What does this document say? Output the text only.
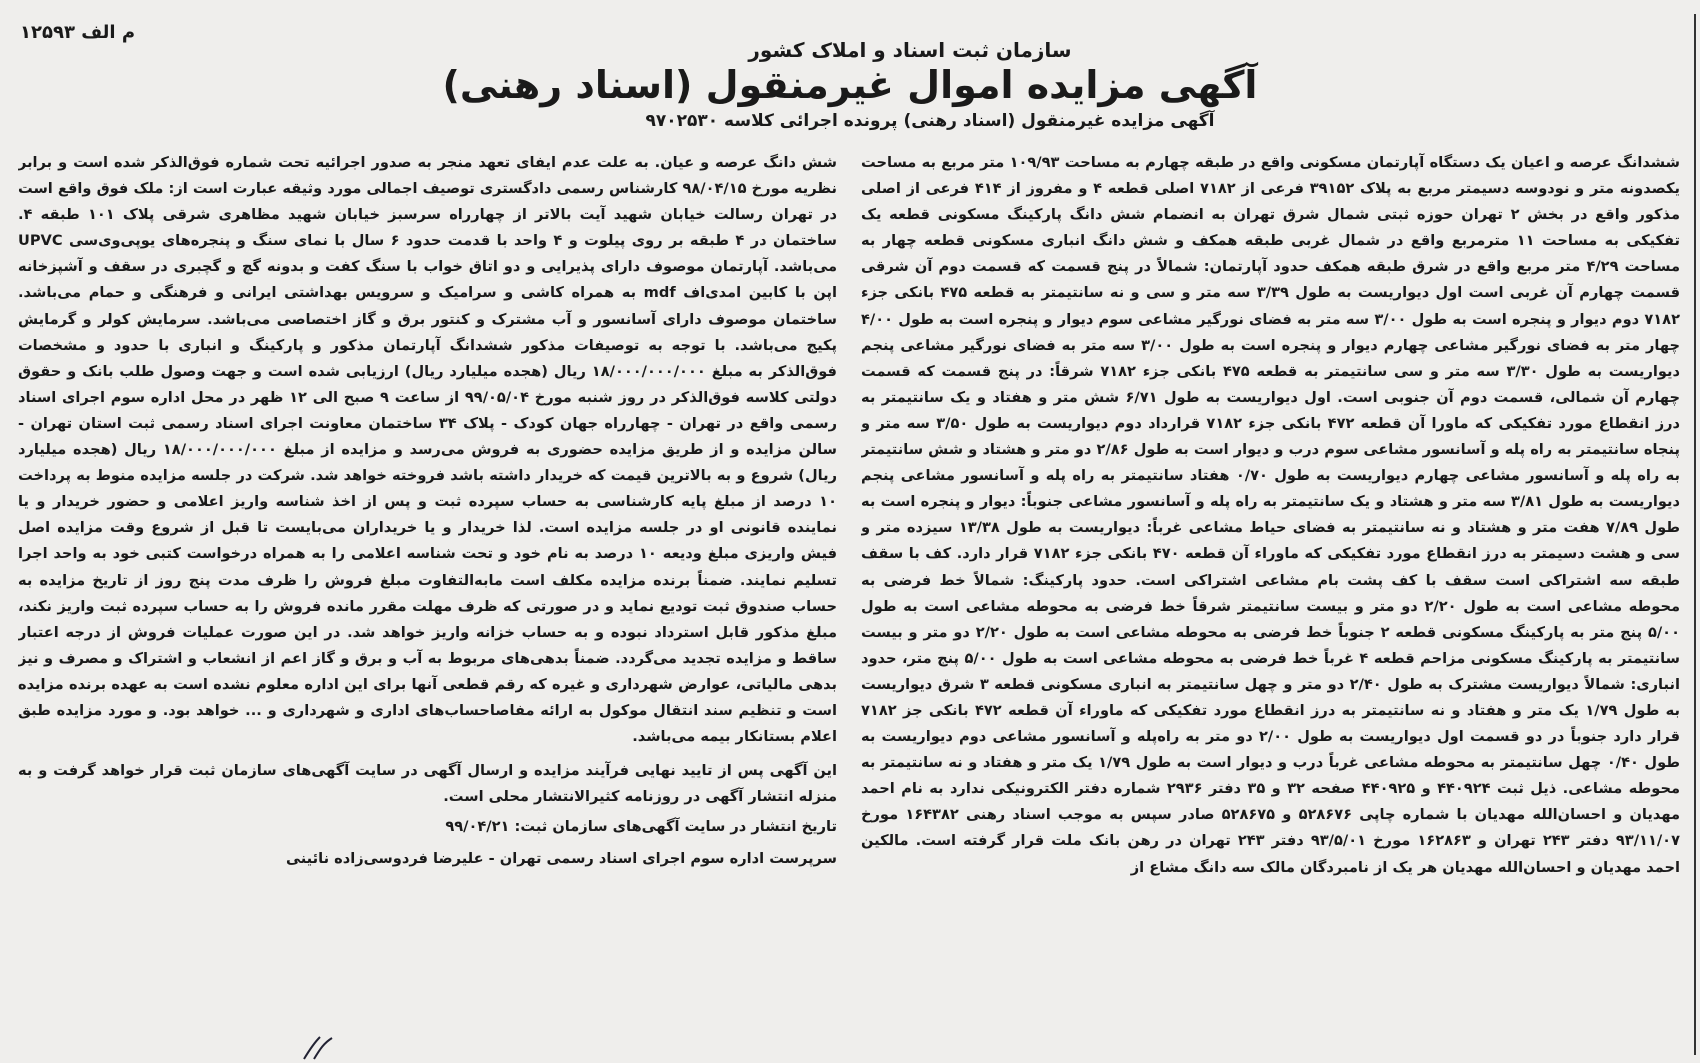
م الف ۱۲۵۹۳
سازمان ثبت اسناد و املاک کشور
آگهی مزایده اموال غیرمنقول (اسناد رهنی)
آگهی مزایده غیرمنقول (اسناد رهنی) پرونده اجرائی کلاسه ۹۷۰۲۵۳۰

ششدانگ عرصه و اعیان یک دستگاه آپارتمان مسکونی واقع در طبقه چهارم به مساحت ۱۰۹/۹۳ متر مربع به مساحت یکصدونه متر و نودوسه دسیمتر مربع به پلاک ۳۹۱۵۲ فرعی از ۷۱۸۲ اصلی قطعه ۴ و مفروز از ۴۱۴ فرعی از اصلی مذکور واقع در بخش ۲ تهران حوزه ثبتی شمال شرق تهران به انضمام شش دانگ پارکینگ مسکونی قطعه یک تفکیکی به مساحت ۱۱ مترمربع واقع در شمال غربی طبقه همکف و شش دانگ انباری مسکونی قطعه چهار به مساحت ۴/۲۹ متر مربع واقع در شرق طبقه همکف حدود آپارتمان: شمالاً در پنج قسمت که قسمت دوم آن شرقی قسمت چهارم آن غربی است اول دیواریست به طول ۳/۳۹ سه متر و سی و نه سانتیمتر به قطعه ۴۷۵ بانکی جزء ۷۱۸۲ دوم دیوار و پنجره است به طول ۳/۰۰ سه متر به فضای نورگیر مشاعی سوم دیوار و پنجره است به طول ۴/۰۰ چهار متر به فضای نورگیر مشاعی چهارم دیوار و پنجره است به طول ۳/۰۰ سه متر به فضای نورگیر مشاعی پنجم دیواریست به طول ۳/۳۰ سه متر و سی سانتیمتر به قطعه ۴۷۵ بانکی جزء ۷۱۸۲ شرقاً: در پنج قسمت که قسمت چهارم آن شمالی، قسمت دوم آن جنوبی است. اول دیواریست به طول ۶/۷۱ شش متر و هفتاد و یک سانتیمتر به درز انقطاع مورد تفکیکی که ماورا آن قطعه ۴۷۲ بانکی جزء ۷۱۸۲ قرارداد دوم دیواریست به طول ۳/۵۰ سه متر و پنجاه سانتیمتر به راه پله و آسانسور مشاعی سوم درب و دیوار است به طول ۲/۸۶ دو متر و هشتاد و شش سانتیمتر به راه پله و آسانسور مشاعی چهارم دیواریست به طول ۰/۷۰ هفتاد سانتیمتر به راه پله و آسانسور مشاعی پنجم دیواریست به طول ۳/۸۱ سه متر و هشتاد و یک سانتیمتر به راه پله و آسانسور مشاعی جنوباً: دیوار و پنجره است به طول ۷/۸۹ هفت متر و هشتاد و نه سانتیمتر به فضای حیاط مشاعی غرباً: دیواریست به طول ۱۳/۳۸ سیزده متر و سی و هشت دسیمتر به درز انقطاع مورد تفکیکی که ماوراء آن قطعه ۴۷۰ بانکی جزء ۷۱۸۲ قرار دارد. کف با سقف طبقه سه اشتراکی است سقف با کف پشت بام مشاعی اشتراکی است. حدود پارکینگ: شمالاً خط فرضی به محوطه مشاعی است به طول ۲/۲۰ دو متر و بیست سانتیمتر شرقاً خط فرضی به محوطه مشاعی است به طول ۵/۰۰ پنج متر به پارکینگ مسکونی قطعه ۲ جنوباً خط فرضی به محوطه مشاعی است به طول ۲/۲۰ دو متر و بیست سانتیمتر به پارکینگ مسکونی مزاحم قطعه ۴ غرباً خط فرضی به محوطه مشاعی است به طول ۵/۰۰ پنج متر، حدود انباری: شمالاً دیواریست مشترک به طول ۲/۴۰ دو متر و چهل سانتیمتر به انباری مسکونی قطعه ۳ شرق دیواریست به طول ۱/۷۹ یک متر و هفتاد و نه سانتیمتر به درز انقطاع مورد تفکیکی که ماوراء آن قطعه ۴۷۲ بانکی جز ۷۱۸۲ قرار دارد جنوباً در دو قسمت اول دیواریست به طول ۲/۰۰ دو متر به راه‌پله و آسانسور مشاعی دوم دیواریست به طول ۰/۴۰ چهل سانتیمتر به محوطه مشاعی غرباً درب و دیوار است به طول ۱/۷۹ یک متر و هفتاد و نه سانتیمتر به محوطه مشاعی. ذیل ثبت ۴۴۰۹۲۴ و ۴۴۰۹۲۵ صفحه ۳۲ و ۳۵ دفتر ۲۹۳۶ شماره دفتر الکترونیکی ندارد به نام احمد مهدیان و احسان‌الله مهدیان با شماره چاپی ۵۲۸۶۷۶ و ۵۲۸۶۷۵ صادر سپس به موجب اسناد رهنی ۱۶۴۳۸۲ مورخ ۹۳/۱۱/۰۷ دفتر ۲۴۳ تهران و ۱۶۲۸۶۳ مورخ ۹۳/۵/۰۱ دفتر ۲۴۳ تهران در رهن بانک ملت قرار گرفته است. مالکین احمد مهدیان و احسان‌الله مهدیان هر یک از نامبردگان مالک سه دانگ مشاع از

شش دانگ عرصه و عیان. به علت عدم ایفای تعهد منجر به صدور اجرائیه تحت شماره فوق‌الذکر شده است و برابر نظریه مورخ ۹۸/۰۴/۱۵ کارشناس رسمی دادگستری توصیف اجمالی مورد وثیقه عبارت است از: ملک فوق واقع است در تهران رسالت خیابان شهید آیت بالاتر از چهارراه سرسبز خیابان شهید مظاهری شرقی پلاک ۱۰۱ طبقه ۴. ساختمان در ۴ طبقه بر روی پیلوت و ۴ واحد با قدمت حدود ۶ سال با نمای سنگ و پنجره‌های یوپی‌وی‌سی UPVC می‌باشد. آپارتمان موصوف دارای پذیرایی و دو اتاق خواب با سنگ کفت و بدونه گچ و گچبری در سقف و آشپزخانه اپن با کابین امدی‌اف mdf به همراه کاشی و سرامیک و سرویس بهداشتی ایرانی و فرهنگی و حمام می‌باشد. ساختمان موصوف دارای آسانسور و آب مشترک و کنتور برق و گاز اختصاصی می‌باشد. سرمایش کولر و گرمایش پکیج می‌باشد. با توجه به توصیفات مذکور ششدانگ آپارتمان مذکور و پارکینگ و انباری با حدود و مشخصات فوق‌الذکر به مبلغ ۱۸/۰۰۰/۰۰۰/۰۰۰ ریال (هجده میلیارد ریال) ارزیابی شده است و جهت وصول طلب بانک و حقوق دولتی کلاسه فوق‌الذکر در روز شنبه مورخ ۹۹/۰۵/۰۴ از ساعت ۹ صبح الی ۱۲ ظهر در محل اداره سوم اجرای اسناد رسمی واقع در تهران - چهارراه جهان کودک - پلاک ۳۴ ساختمان معاونت اجرای اسناد رسمی ثبت استان تهران - سالن مزایده و از طریق مزایده حضوری به فروش می‌رسد و مزایده از مبلغ ۱۸/۰۰۰/۰۰۰/۰۰۰ ریال (هجده میلیارد ریال) شروع و به بالاترین قیمت که خریدار داشته باشد فروخته خواهد شد. شرکت در جلسه مزایده منوط به پرداخت ۱۰ درصد از مبلغ پایه کارشناسی به حساب سپرده ثبت و پس از اخذ شناسه واریز اعلامی و حضور خریدار و یا نماینده قانونی او در جلسه مزایده است. لذا خریدار و یا خریداران می‌بایست تا قبل از شروع وقت مزایده اصل فیش واریزی مبلغ ودیعه ۱۰ درصد به نام خود و تحت شناسه اعلامی را به همراه درخواست کتبی خود به واحد اجرا تسلیم نمایند. ضمناً برنده مزایده مکلف است مابه‌التفاوت مبلغ فروش را ظرف مدت پنج روز از تاریخ مزایده به حساب صندوق ثبت تودیع نماید و در صورتی که ظرف مهلت مقرر مانده فروش را به حساب سپرده ثبت واریز نکند، مبلغ مذکور قابل استرداد نبوده و به حساب خزانه واریز خواهد شد. در این صورت عملیات فروش از درجه اعتبار ساقط و مزایده تجدید می‌گردد. ضمناً بدهی‌های مربوط به آب و برق و گاز اعم از انشعاب و اشتراک و مصرف و نیز بدهی مالیاتی، عوارض شهرداری و غیره که رقم قطعی آنها برای این اداره معلوم نشده است به عهده برنده مزایده است و تنظیم سند انتقال موکول به ارائه مفاصاحساب‌های اداری و شهرداری و ... خواهد بود. و مورد مزایده طبق اعلام بستانکار بیمه می‌باشد.

این آگهی پس از تایید نهایی فرآیند مزایده و ارسال آگهی در سایت آگهی‌های سازمان ثبت قرار خواهد گرفت و به منزله انتشار آگهی در روزنامه کثیرالانتشار محلی است.

تاریخ انتشار در سایت آگهی‌های سازمان ثبت: ۹۹/۰۴/۲۱
سرپرست اداره سوم اجرای اسناد رسمی تهران - علیرضا فردوسی‌زاده نائینی
